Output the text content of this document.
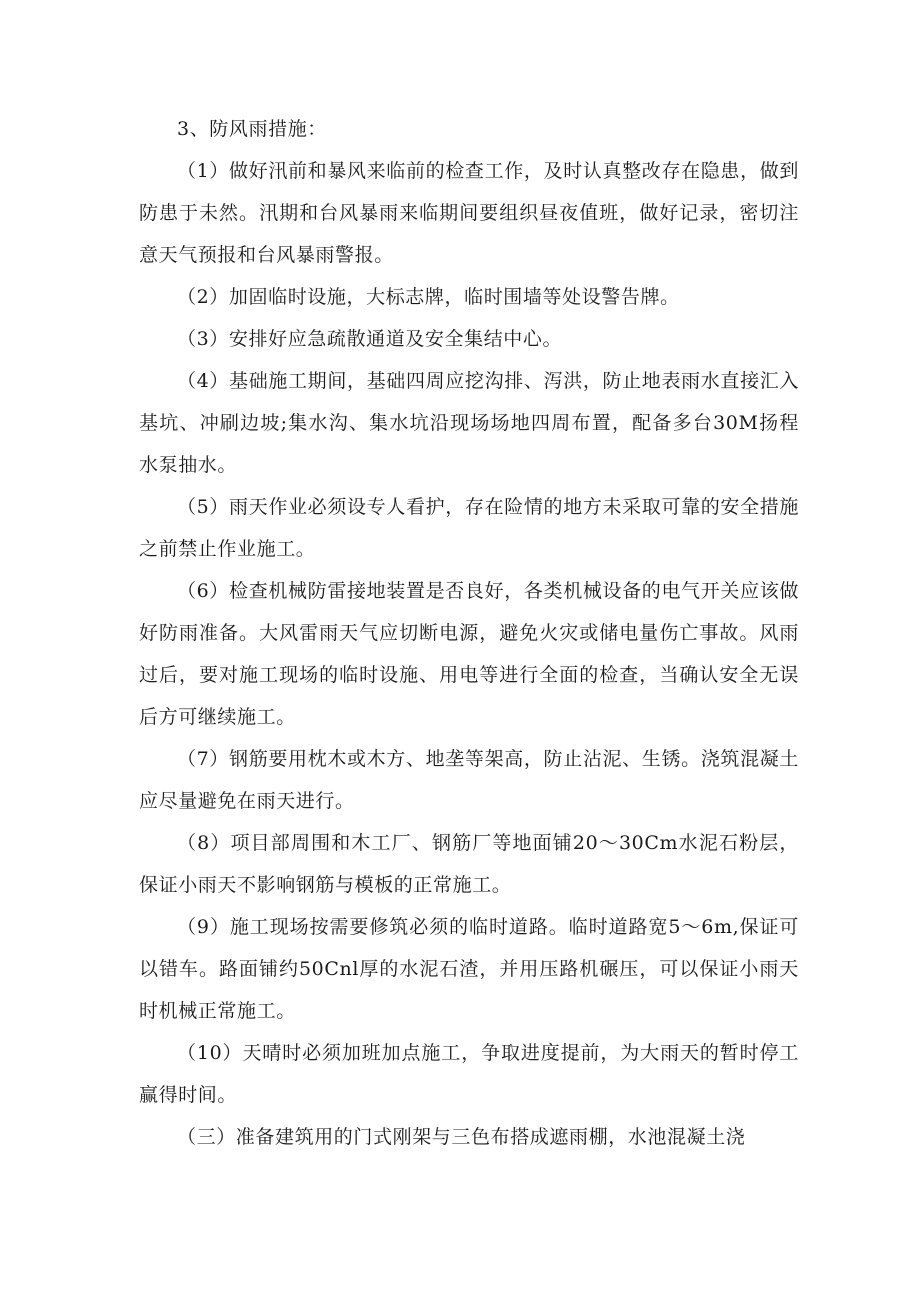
3、防风雨措施：

（1）做好汛前和暴风来临前的检查工作，及时认真整改存在隐患，做到防患于未然。汛期和台风暴雨来临期间要组织昼夜值班，做好记录，密切注意天气预报和台风暴雨警报。

（2）加固临时设施，大标志牌，临时围墙等处设警告牌。

（3）安排好应急疏散通道及安全集结中心。

（4）基础施工期间，基础四周应挖沟排、泻洪，防止地表雨水直接汇入基坑、冲刷边坡;集水沟、集水坑沿现场场地四周布置，配备多台30M扬程水泵抽水。

（5）雨天作业必须设专人看护，存在险情的地方未采取可靠的安全措施之前禁止作业施工。

（6）检查机械防雷接地装置是否良好，各类机械设备的电气开关应该做好防雨准备。大风雷雨天气应切断电源，避免火灾或储电量伤亡事故。风雨过后，要对施工现场的临时设施、用电等进行全面的检查，当确认安全无误后方可继续施工。

（7）钢筋要用枕木或木方、地垄等架高，防止沾泥、生锈。浇筑混凝土应尽量避免在雨天进行。

（8）项目部周围和木工厂、钢筋厂等地面铺20～30Cm水泥石粉层，保证小雨天不影响钢筋与模板的正常施工。

（9）施工现场按需要修筑必须的临时道路。临时道路宽5～6m,保证可以错车。路面铺约50Cnl厚的水泥石渣，并用压路机碾压，可以保证小雨天时机械正常施工。

（10）天晴时必须加班加点施工，争取进度提前，为大雨天的暂时停工赢得时间。

（三）准备建筑用的门式刚架与三色布搭成遮雨棚，水池混凝土浇
